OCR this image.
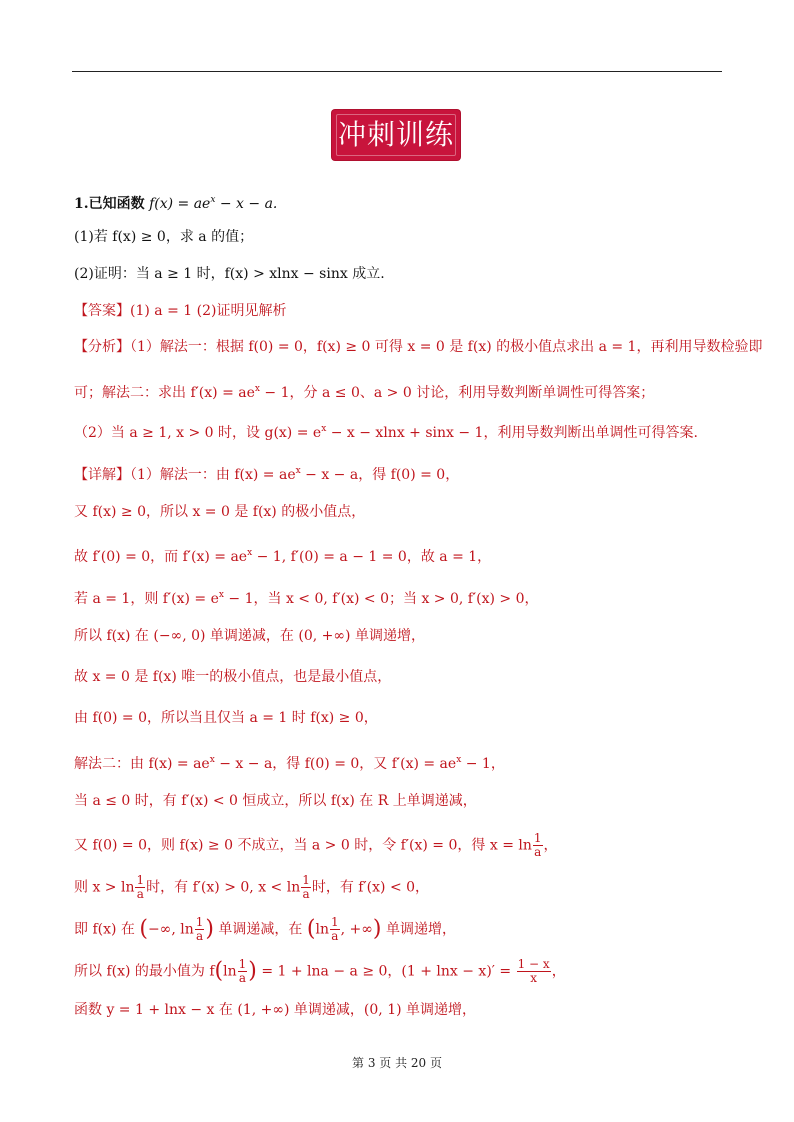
冲刺训练
1.已知函数 $f(x) = ae^x - x - a$.
(1)若 f(x) ≥ 0，求 a 的值；
(2)证明：当 a ≥ 1 时，f(x) > xlnx − sinx 成立.
【答案】(1) a = 1 (2)证明见解析
【分析】（1）解法一：根据 f(0) = 0，f(x) ≥ 0 可得 x = 0 是 f(x) 的极小值点求出 a = 1，再利用导数检验即
可；解法二：求出 $f'(x) = ae^x - 1$，分 a ≤ 0、a > 0 讨论，利用导数判断单调性可得答案；
（2）当 a ≥ 1, x > 0 时，设 $g(x) = e^x - x - xlnx + \sin x - 1$，利用导数判断出单调性可得答案.
【详解】（1）解法一：由 $f(x) = ae^x - x - a$，得 f(0) = 0，
又 f(x) ≥ 0，所以 x = 0 是 f(x) 的极小值点，
故 f′(0) = 0，而 $f'(x) = ae^x - 1$, f′(0) = a − 1 = 0，故 a = 1，
若 a = 1，则 $f'(x) = e^x - 1$，当 x < 0, f′(x) < 0；当 x > 0, f′(x) > 0，
所以 f(x) 在 (−∞, 0) 单调递减，在 (0, +∞) 单调递增，
故 x = 0 是 f(x) 唯一的极小值点，也是最小值点，
由 f(0) = 0，所以当且仅当 a = 1 时 f(x) ≥ 0，
解法二：由 $f(x) = ae^x - x - a$，得 f(0) = 0，又 $f'(x) = ae^x - 1$，
当 a ≤ 0 时，有 f′(x) < 0 恒成立，所以 f(x) 在 R 上单调递减，
又 f(0) = 0，则 f(x) ≥ 0 不成立，当 a > 0 时，令 f′(x) = 0，得 $x = \ln \frac{1}{a}$ ，
则 $x > \ln \frac{1}{a}$ 时，有 f′(x) > 0, $x < \ln \frac{1}{a}$ 时，有 f′(x) < 0，
即 f(x) 在 (−∞, $\ln \frac{1}{a}$ ) 单调递减，在 ($\ln \frac{1}{a}$ , +∞) 单调递增，
所以 f(x) 的最小值为 $f(\ln \frac{1}{a}$ ) = 1 + lna − a ≥ 0，$(1 + \ln x - x)' = \frac{1 - x}{x}$ ，
函数 y = 1 + lnx − x 在 (1, +∞) 单调递减，(0, 1) 单调递增，
第 3 页 共 20 页
